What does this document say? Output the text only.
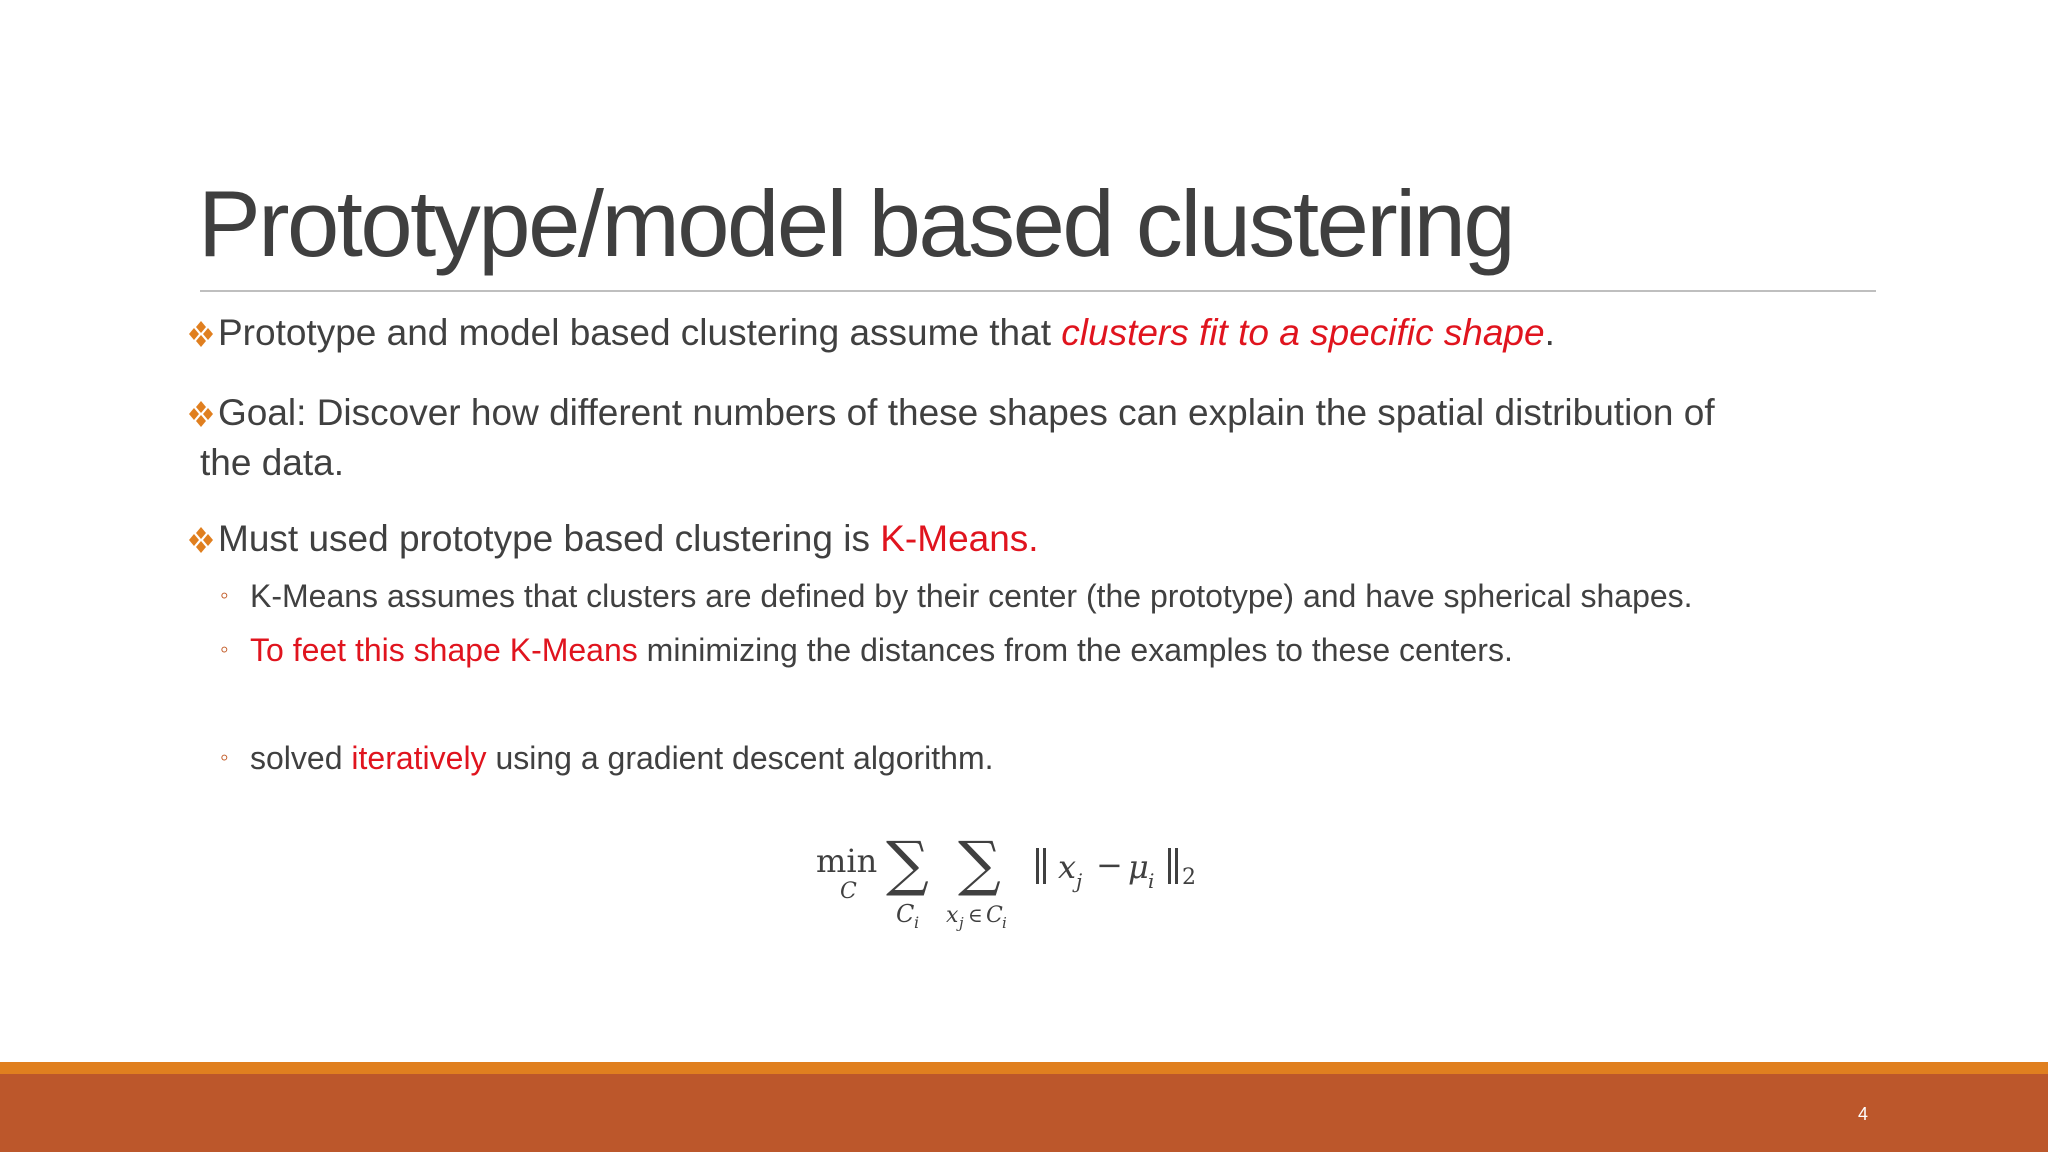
Prototype/model based clustering
Prototype and model based clustering assume that clusters fit to a specific shape.
Goal: Discover how different numbers of these shapes can explain the spatial distribution of
the data.
Must used prototype based clustering is K-Means.
◦ K-Means assumes that clusters are defined by their center (the prototype) and have spherical shapes.
◦ To feet this shape K-Means minimizing the distances from the examples to these centers.
◦ solved iteratively using a gradient descent algorithm.
min
C ∑
C i
∑
x j ∈ C i
x j − μ i 2
4
